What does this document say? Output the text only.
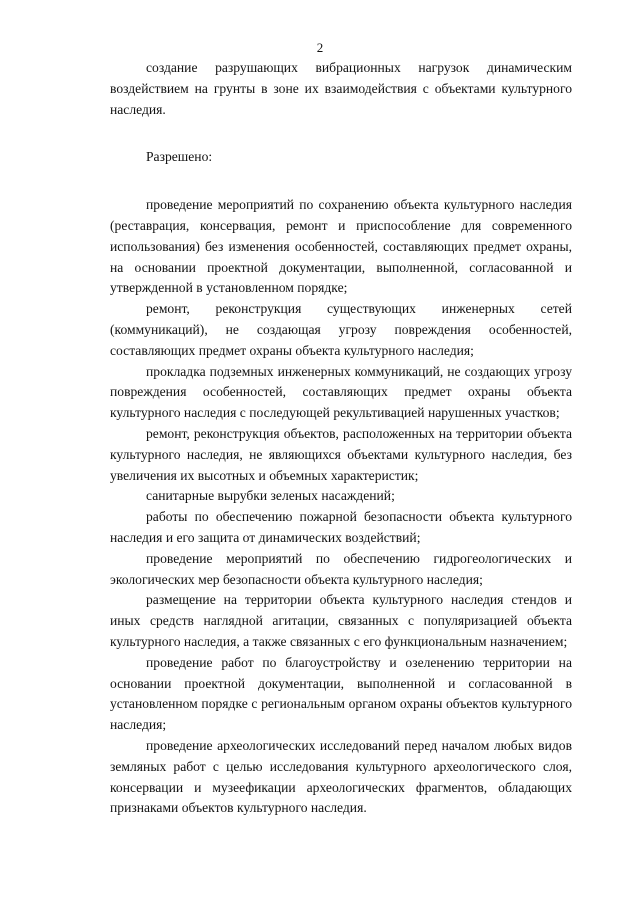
2

создание разрушающих вибрационных нагрузок динамическим воздействием на грунты в зоне их взаимодействия с объектами культурного наследия.

Разрешено:

проведение мероприятий по сохранению объекта культурного наследия (реставрация, консервация, ремонт и приспособление для современного использования) без изменения особенностей, составляющих предмет охраны, на основании проектной документации, выполненной, согласованной и утвержденной в установленном порядке;

ремонт, реконструкция существующих инженерных сетей (коммуникаций), не создающая угрозу повреждения особенностей, составляющих предмет охраны объекта культурного наследия;

прокладка подземных инженерных коммуникаций, не создающих угрозу повреждения особенностей, составляющих предмет охраны объекта культурного наследия с последующей рекультивацией нарушенных участков;

ремонт, реконструкция объектов, расположенных на территории объекта культурного наследия, не являющихся объектами культурного наследия, без увеличения их высотных и объемных характеристик;

санитарные вырубки зеленых насаждений;

работы по обеспечению пожарной безопасности объекта культурного наследия и его защита от динамических воздействий;

проведение мероприятий по обеспечению гидрогеологических и экологических мер безопасности объекта культурного наследия;

размещение на территории объекта культурного наследия стендов и иных средств наглядной агитации, связанных с популяризацией объекта культурного наследия, а также связанных с его функциональным назначением;

проведение работ по благоустройству и озеленению территории на основании проектной документации, выполненной и согласованной в установленном порядке с региональным органом охраны объектов культурного наследия;

проведение археологических исследований перед началом любых видов земляных работ с целью исследования культурного археологического слоя, консервации и музеефикации археологических фрагментов, обладающих признаками объектов культурного наследия.
